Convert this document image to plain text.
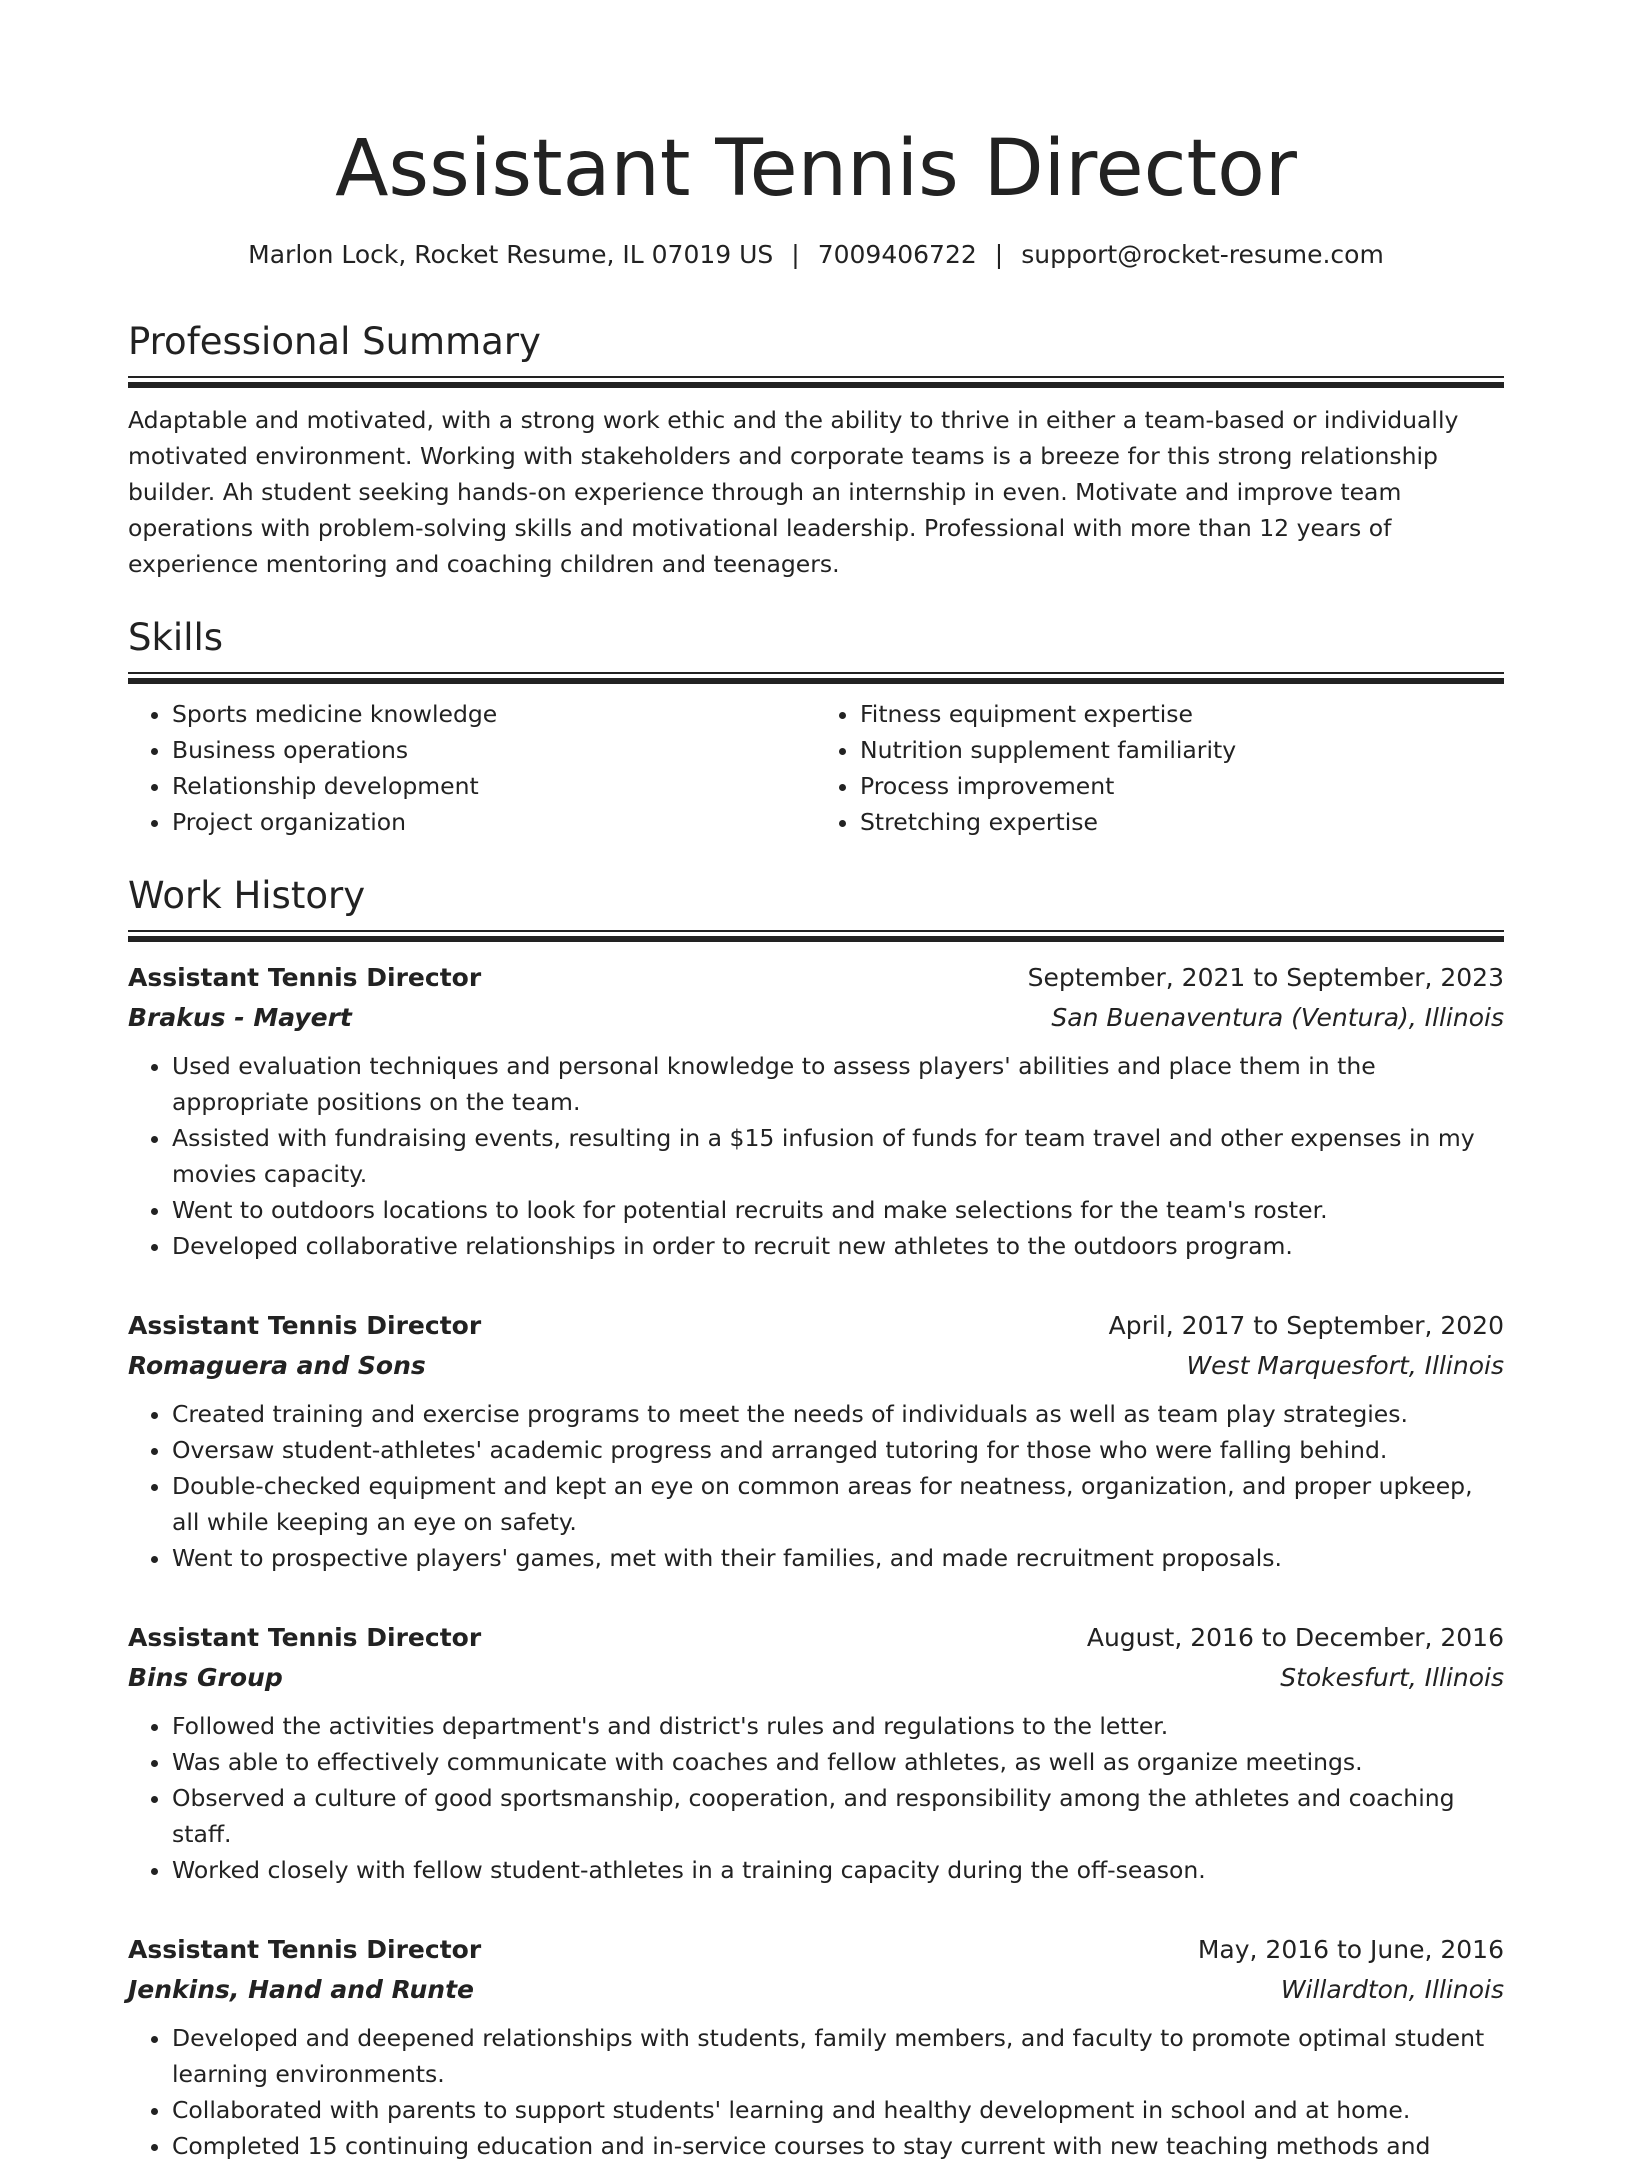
Assistant Tennis Director
Marlon Lock, Rocket Resume, IL 07019 US | 7009406722 | support@rocket-resume.com
Professional Summary

Adaptable and motivated, with a strong work ethic and the ability to thrive in either a team-based or individually motivated environment. Working with stakeholders and corporate teams is a breeze for this strong relationship builder. Ah student seeking hands-on experience through an internship in even. Motivate and improve team operations with problem-solving skills and motivational leadership. Professional with more than 12 years of experience mentoring and coaching children and teenagers.

Skills
• Sports medicine knowledge
• Business operations
• Relationship development
• Project organization
• Fitness equipment expertise
• Nutrition supplement familiarity
• Process improvement
• Stretching expertise
Work History
Assistant Tennis Director	September, 2021 to September, 2023
Brakus - Mayert	San Buenaventura (Ventura), Illinois
• Used evaluation techniques and personal knowledge to assess players' abilities and place them in the appropriate positions on the team.
• Assisted with fundraising events, resulting in a $15 infusion of funds for team travel and other expenses in my movies capacity.
• Went to outdoors locations to look for potential recruits and make selections for the team's roster.
• Developed collaborative relationships in order to recruit new athletes to the outdoors program.
Assistant Tennis Director	April, 2017 to September, 2020
Romaguera and Sons	West Marquesfort, Illinois
• Created training and exercise programs to meet the needs of individuals as well as team play strategies.
• Oversaw student-athletes' academic progress and arranged tutoring for those who were falling behind.
• Double-checked equipment and kept an eye on common areas for neatness, organization, and proper upkeep, all while keeping an eye on safety.
• Went to prospective players' games, met with their families, and made recruitment proposals.
Assistant Tennis Director	August, 2016 to December, 2016
Bins Group	Stokesfurt, Illinois
• Followed the activities department's and district's rules and regulations to the letter.
• Was able to effectively communicate with coaches and fellow athletes, as well as organize meetings.
• Observed a culture of good sportsmanship, cooperation, and responsibility among the athletes and coaching staff.
• Worked closely with fellow student-athletes in a training capacity during the off-season.
Assistant Tennis Director	May, 2016 to June, 2016
Jenkins, Hand and Runte	Willardton, Illinois
• Developed and deepened relationships with students, family members, and faculty to promote optimal student learning environments.
• Collaborated with parents to support students' learning and healthy development in school and at home.
• Completed 15 continuing education and in-service courses to stay current with new teaching methods and
